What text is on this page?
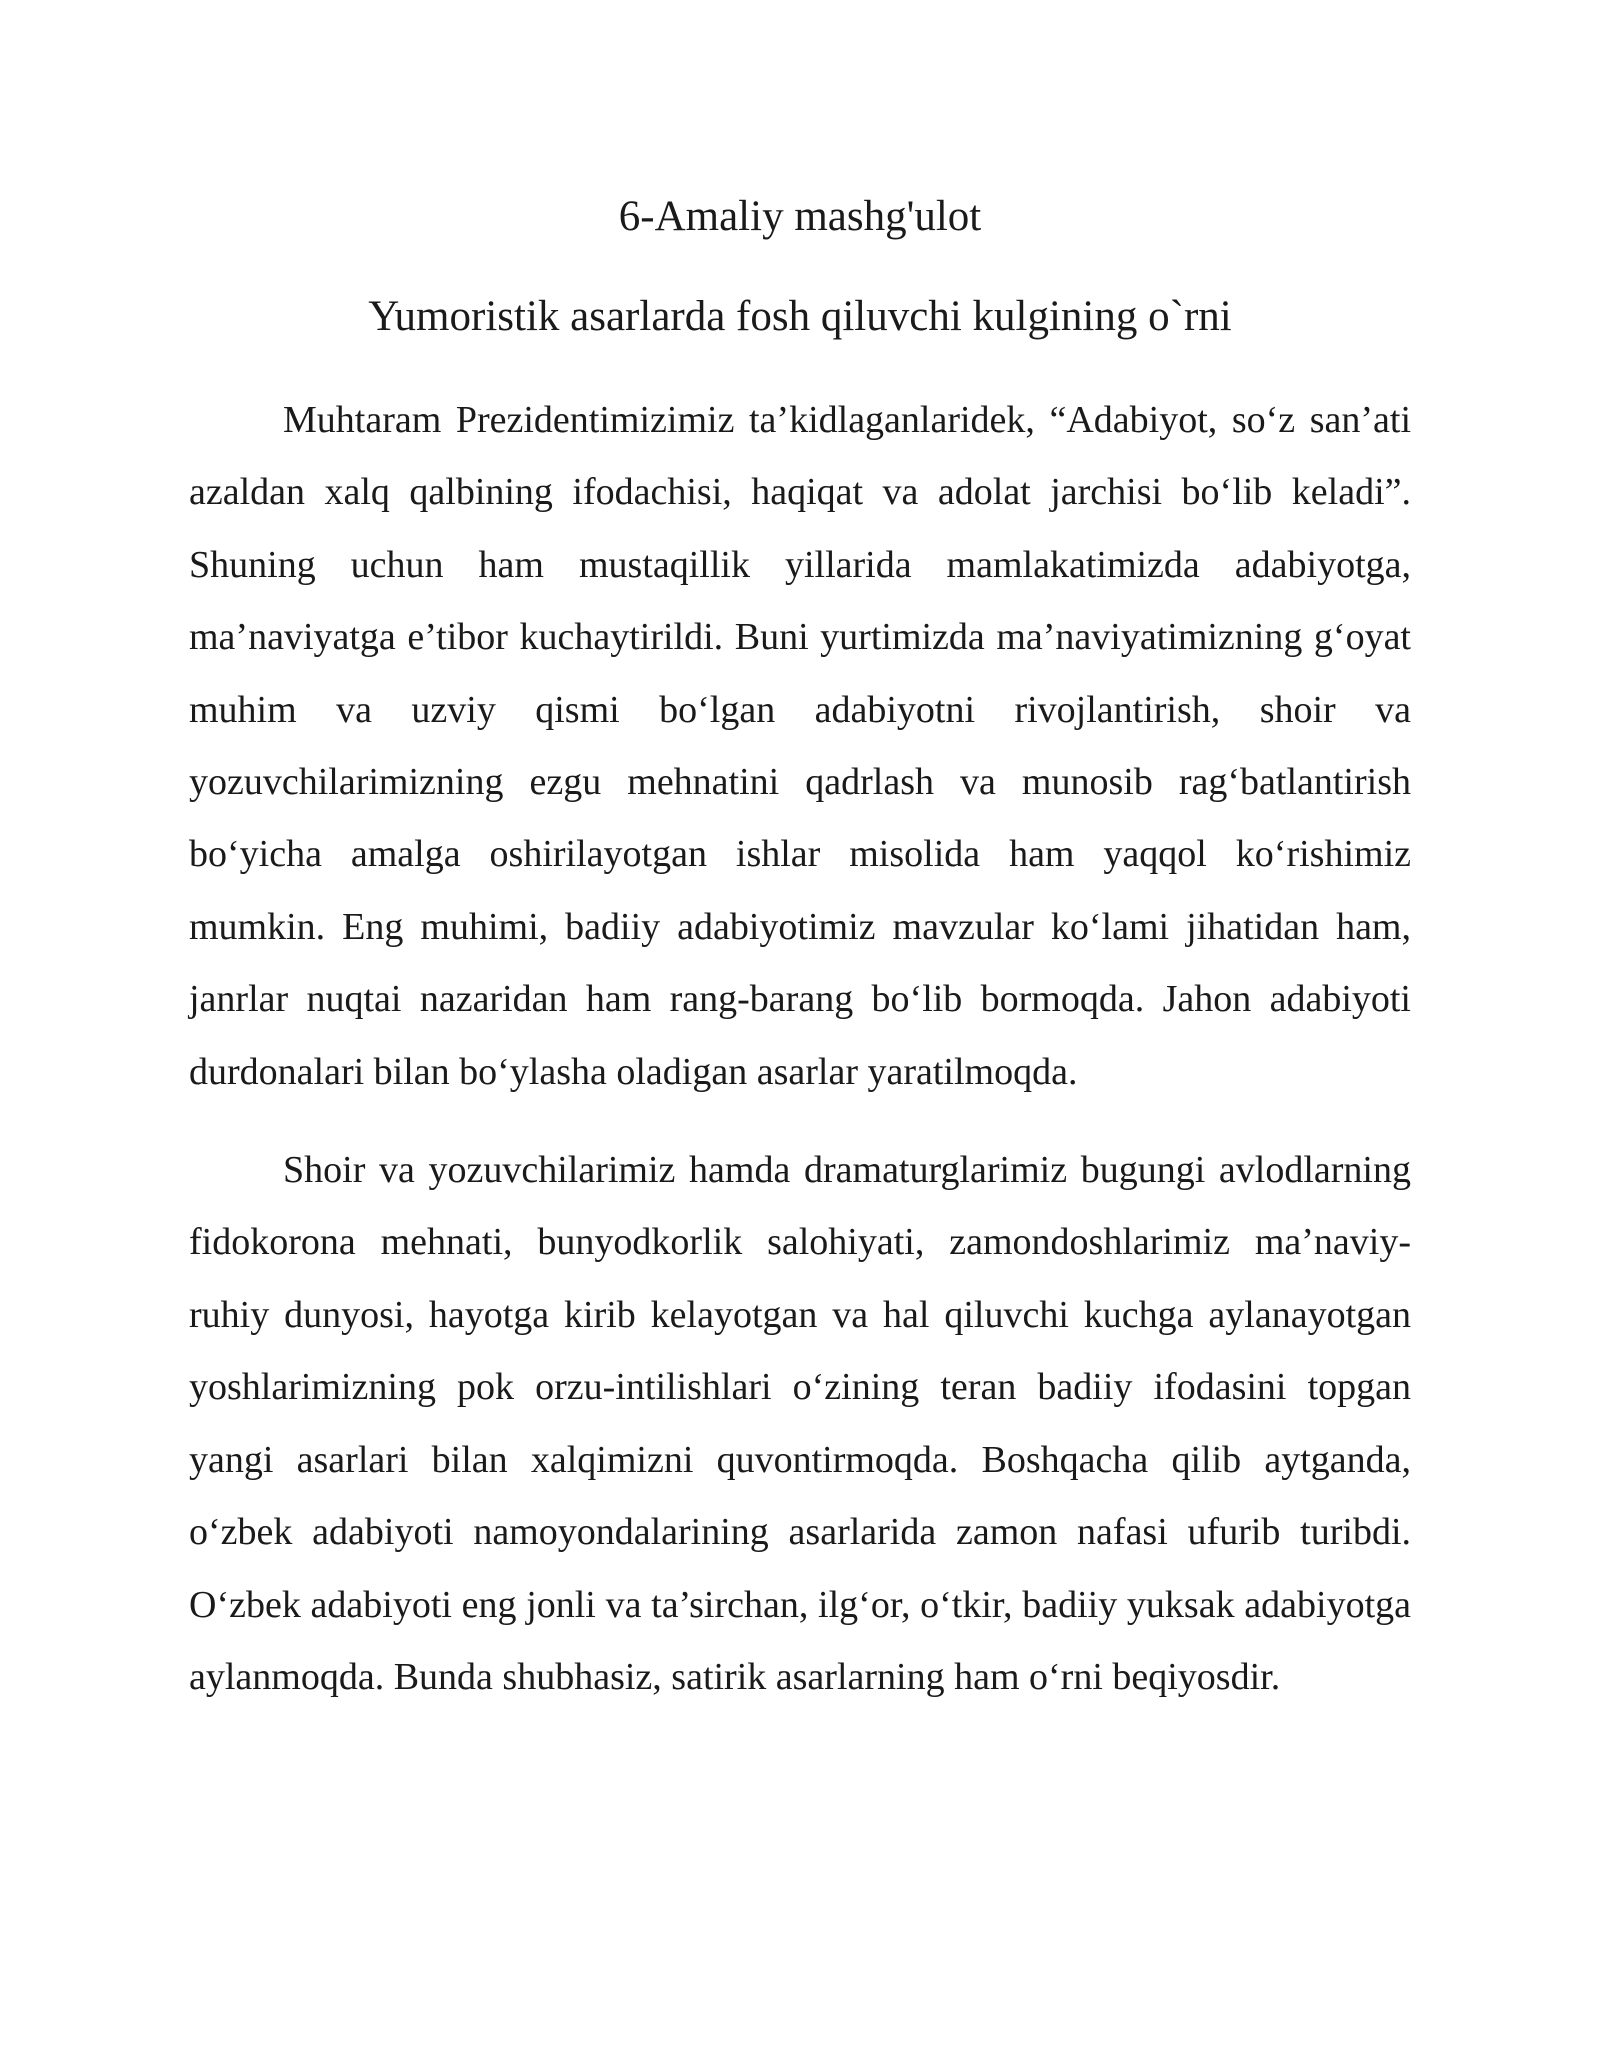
6-Amaliy mashg'ulot
Yumoristik asarlarda fosh qiluvchi kulgining o`rni

Muhtaram Prezidentimizimiz ta’kidlaganlaridek, “Adabiyot, so‘z san’ati azaldan xalq qalbining ifodachisi, haqiqat va adolat jarchisi bo‘lib keladi”. Shuning uchun ham mustaqillik yillarida mamlakatimizda adabiyotga, ma’naviyatga e’tibor kuchaytirildi. Buni yurtimizda ma’naviyatimizning g‘oyat muhim va uzviy qismi bo‘lgan adabiyotni rivojlantirish, shoir va yozuvchilarimizning ezgu mehnatini qadrlash va munosib rag‘batlantirish bo‘yicha amalga oshirilayotgan ishlar misolida ham yaqqol ko‘rishimiz mumkin. Eng muhimi, badiiy adabiyotimiz mavzular ko‘lami jihatidan ham, janrlar nuqtai nazaridan ham rang-barang bo‘lib bormoqda. Jahon adabiyoti durdonalari bilan bo‘ylasha oladigan asarlar yaratilmoqda.

Shoir va yozuvchilarimiz hamda dramaturglarimiz bugungi avlodlarning fidokorona mehnati, bunyodkorlik salohiyati, zamondoshlarimiz ma’naviy-ruhiy dunyosi, hayotga kirib kelayotgan va hal qiluvchi kuchga aylanayotgan yoshlarimizning pok orzu-intilishlari o‘zining teran badiiy ifodasini topgan yangi asarlari bilan xalqimizni quvontirmoqda. Boshqacha qilib aytganda, o‘zbek adabiyoti namoyondalarining asarlarida zamon nafasi ufurib turibdi. O‘zbek adabiyoti eng jonli va ta’sirchan, ilg‘or, o‘tkir, badiiy yuksak adabiyotga aylanmoqda. Bunda shubhasiz, satirik asarlarning ham o‘rni beqiyosdir.
